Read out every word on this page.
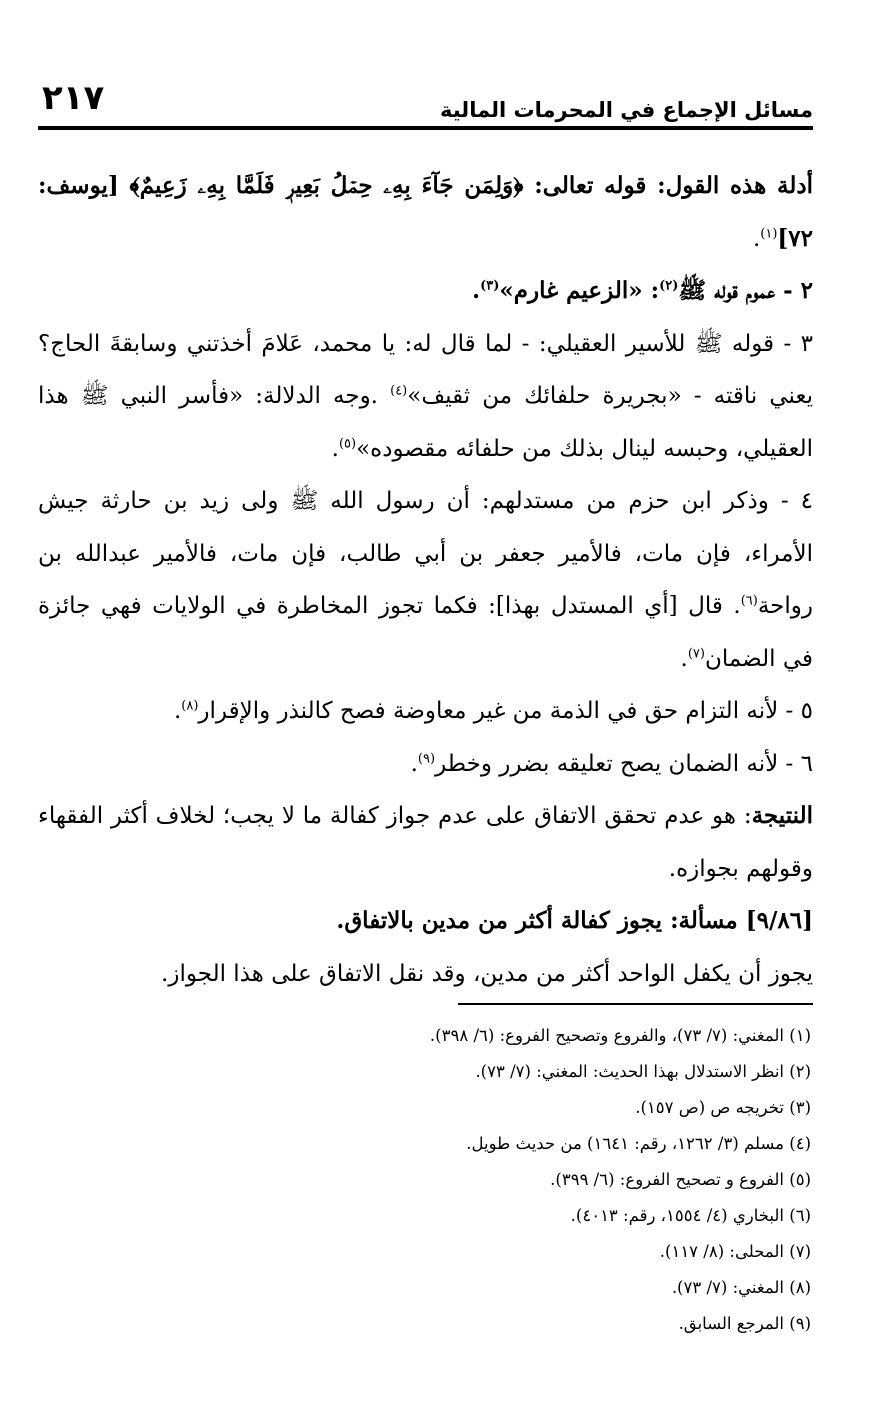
مسائل الإجماع في المحرمات المالية
٢١٧

أدلة هذه القول: قوله تعالى: ﴿وَلِمَن جَآءَ بِهِۦ حِمۡلُ بَعِيرٖ فَلَمَّا بِهِۦ زَعِيمٌ﴾ [يوسف: ٧٢]$^{(١)}$.

٢ - عموم قوله ﷺ$^{(٢)}$: «الزعيم غارم»$^{(٣)}$.

٣ - قوله ﷺ للأسير العقيلي: - لما قال له: يا محمد، عَلامَ أخذتني وسابقةَ الحاج؟ يعني ناقته - «بجريرة حلفائك من ثقيف»$^{(٤)}$ .وجه الدلالة: «فأسر النبي ﷺ هذا العقيلي، وحبسه لينال بذلك من حلفائه مقصوده»$^{(٥)}$.

٤ - وذكر ابن حزم من مستدلهم: أن رسول الله ﷺ ولى زيد بن حارثة جيش الأمراء، فإن مات، فالأمير جعفر بن أبي طالب، فإن مات، فالأمير عبدالله بن رواحة$^{(٦)}$. قال [أي المستدل بهذا]: فكما تجوز المخاطرة في الولايات فهي جائزة في الضمان$^{(٧)}$.

٥ - لأنه التزام حق في الذمة من غير معاوضة فصح كالنذر والإقرار$^{(٨)}$.

٦ - لأنه الضمان يصح تعليقه بضرر وخطر$^{(٩)}$.

النتيجة: هو عدم تحقق الاتفاق على عدم جواز كفالة ما لا يجب؛ لخلاف أكثر الفقهاء وقولهم بجوازه.

[٩/٨٦] مسألة: يجوز كفالة أكثر من مدين بالاتفاق.

يجوز أن يكفل الواحد أكثر من مدين، وقد نقل الاتفاق على هذا الجواز.

(١) المغني: (٧/ ٧٣)، والفروع وتصحيح الفروع: (٦/ ٣٩٨).

(٢) انظر الاستدلال بهذا الحديث: المغني: (٧/ ٧٣).

(٣) تخريجه ص (ص ١٥٧).

(٤) مسلم (٣/ ١٢٦٢، رقم: ١٦٤١) من حديث طويل.

(٥) الفروع و تصحيح الفروع: (٦/ ٣٩٩).

(٦) البخاري (٤/ ١٥٥٤، رقم: ٤٠١٣).

(٧) المحلى: (٨/ ١١٧).

(٨) المغني: (٧/ ٧٣).

(٩) المرجع السابق.
